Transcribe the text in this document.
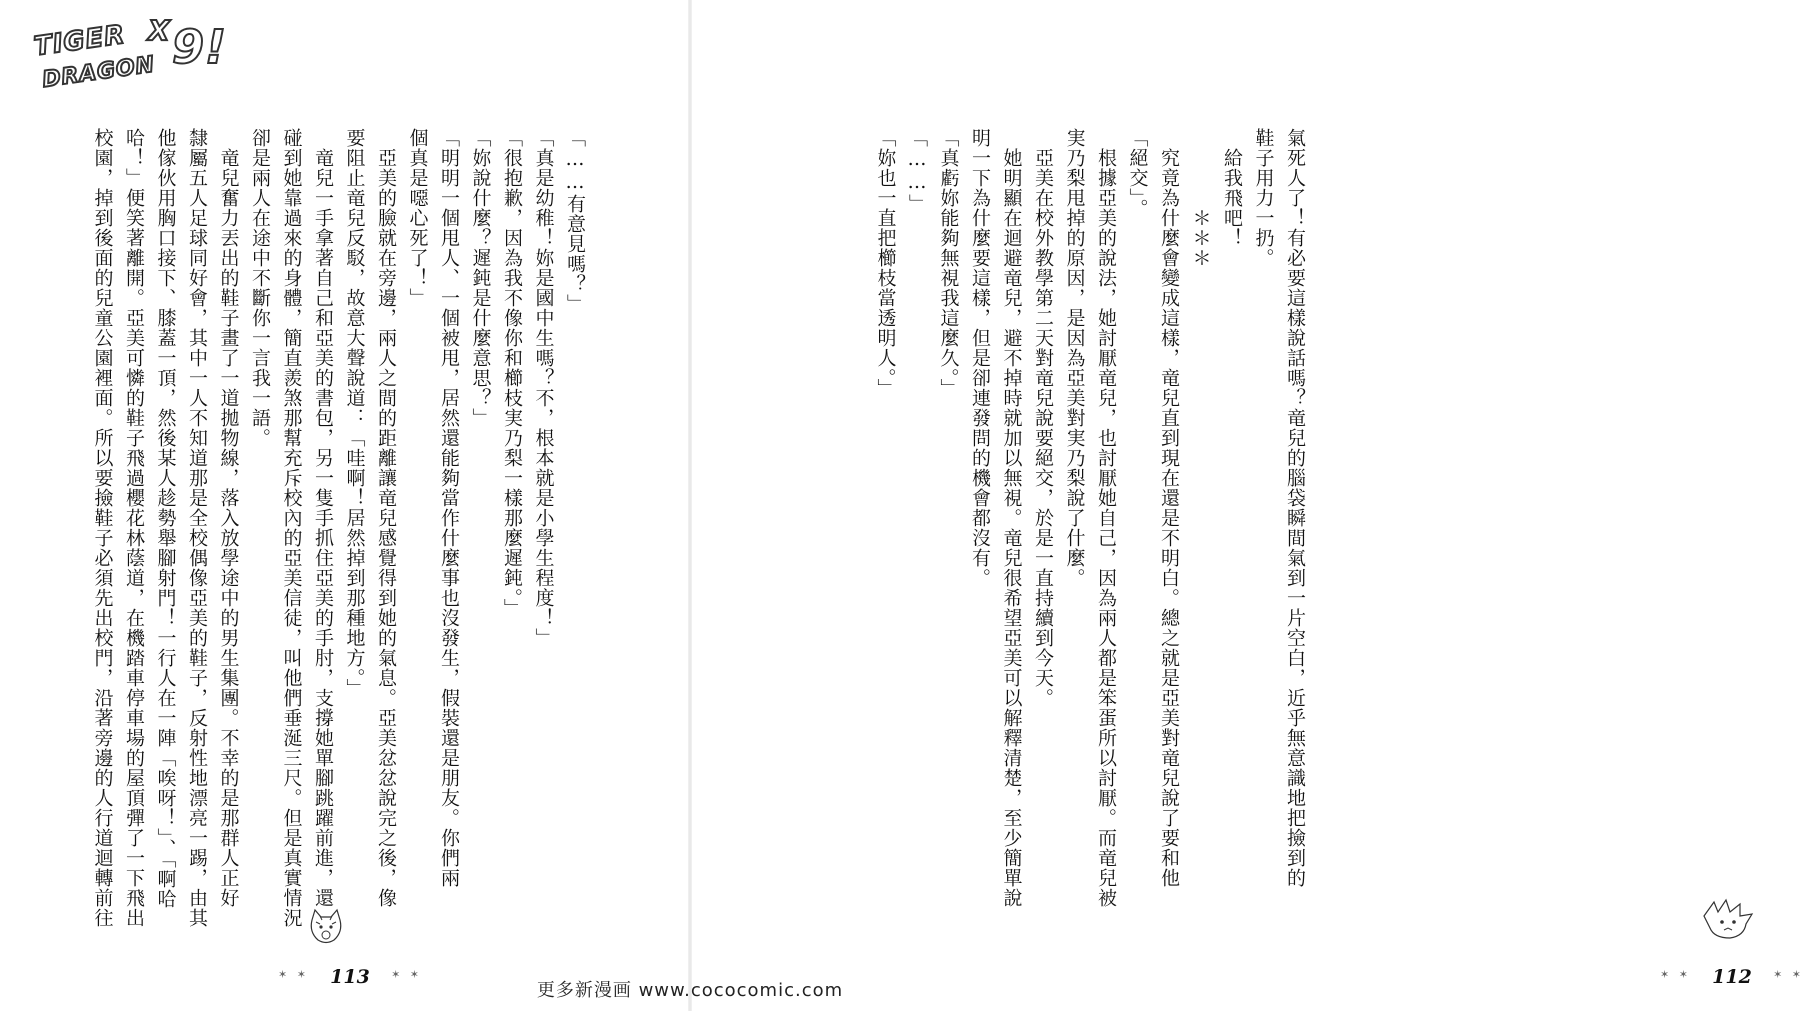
TIGER
DRAGON
X 9!

「……有意見嗎？」

「真是幼稚！妳是國中生嗎？不，根本就是小學生程度！」

「很抱歉，因為我不像你和櫛枝実乃梨一樣那麼遲鈍。」

「妳說什麼？遲鈍是什麼意思？」

「明明一個甩人、一個被甩，居然還能夠當作什麼事也沒發生，假裝還是朋友。你們兩

個真是噁心死了！」

　亞美的臉就在旁邊，兩人之間的距離讓竜兒感覺得到她的氣息。亞美忿忿說完之後，像

要阻止竜兒反駁，故意大聲說道：「哇啊！居然掉到那種地方。」

　竜兒一手拿著自己和亞美的書包，另一隻手抓住亞美的手肘，支撐她單腳跳躍前進，還

碰到她靠過來的身體，簡直羨煞那幫充斥校內的亞美信徒，叫他們垂涎三尺。但是真實情況

卻是兩人在途中不斷你一言我一語。

　竜兒奮力丟出的鞋子畫了一道拋物線，落入放學途中的男生集團。不幸的是那群人正好

隸屬五人足球同好會，其中一人不知道那是全校偶像亞美的鞋子，反射性地漂亮一踢，由其

他傢伙用胸口接下、膝蓋一頂，然後某人趁勢舉腳射門！一行人在一陣「唉呀！」、「啊哈

哈！」便笑著離開。亞美可憐的鞋子飛過櫻花林蔭道，在機踏車停車場的屋頂彈了一下飛出

校園，掉到後面的兒童公園裡面。所以要撿鞋子必須先出校門，沿著旁邊的人行道迴轉前往

✶ ✶	113	✶ ✶

氣死人了！有必要這樣說話嗎？竜兒的腦袋瞬間氣到一片空白，近乎無意識地把撿到的

鞋子用力一扔。

　給我飛吧！

　　　　＊＊＊

　究竟為什麼會變成這樣，竜兒直到現在還是不明白。總之就是亞美對竜兒說了要和他

「絕交」。

　根據亞美的說法，她討厭竜兒，也討厭她自己，因為兩人都是笨蛋所以討厭。而竜兒被

実乃梨甩掉的原因，是因為亞美對実乃梨說了什麼。

　亞美在校外教學第二天對竜兒說要絕交，於是一直持續到今天。

　她明顯在迴避竜兒，避不掉時就加以無視。竜兒很希望亞美可以解釋清楚，至少簡單說

明一下為什麼要這樣，但是卻連發問的機會都沒有。

「真虧妳能夠無視我這麼久。」

「……」

「妳也一直把櫛枝當透明人。」

✶ ✶	112	✶ ✶
更多新漫画 www.cococomic.com
